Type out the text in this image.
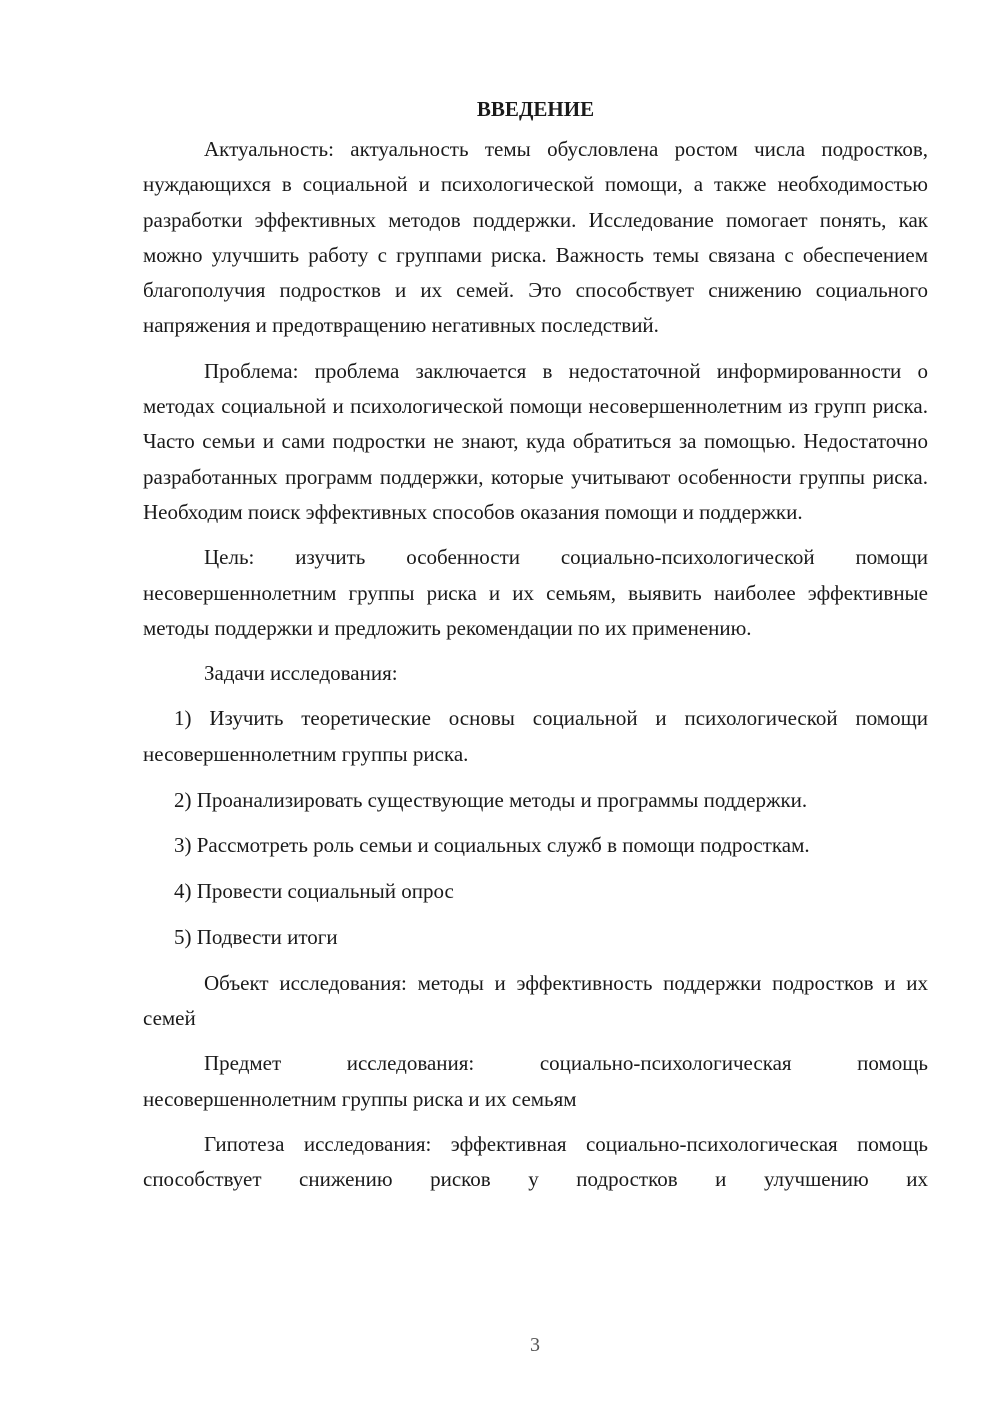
ВВЕДЕНИЕ

Актуальность: актуальность темы обусловлена ростом числа подростков, нуждающихся в социальной и психологической помощи, а также необходимостью разработки эффективных методов поддержки. Исследование помогает понять, как можно улучшить работу с группами риска. Важность темы связана с обеспечением благополучия подростков и их семей. Это способствует снижению социального напряжения и предотвращению негативных последствий.

Проблема: проблема заключается в недостаточной информированности о методах социальной и психологической помощи несовершеннолетним из групп риска. Часто семьи и сами подростки не знают, куда обратиться за помощью. Недостаточно разработанных программ поддержки, которые учитывают особенности группы риска. Необходим поиск эффективных способов оказания помощи и поддержки.

Цель: изучить особенности социально-психологической помощи несовершеннолетним группы риска и их семьям, выявить наиболее эффективные методы поддержки и предложить рекомендации по их применению.

Задачи исследования:

1) Изучить теоретические основы социальной и психологической помощи несовершеннолетним группы риска.

2) Проанализировать существующие методы и программы поддержки.

3) Рассмотреть роль семьи и социальных служб в помощи подросткам.

4) Провести социальный опрос

5) Подвести итоги

Объект исследования: методы и эффективность поддержки подростков и их семей

Предмет исследования: социально-психологическая помощь несовершеннолетним группы риска и их семьям

Гипотеза исследования: эффективная социально-психологическая помощь способствует снижению рисков у подростков и улучшению их

3
